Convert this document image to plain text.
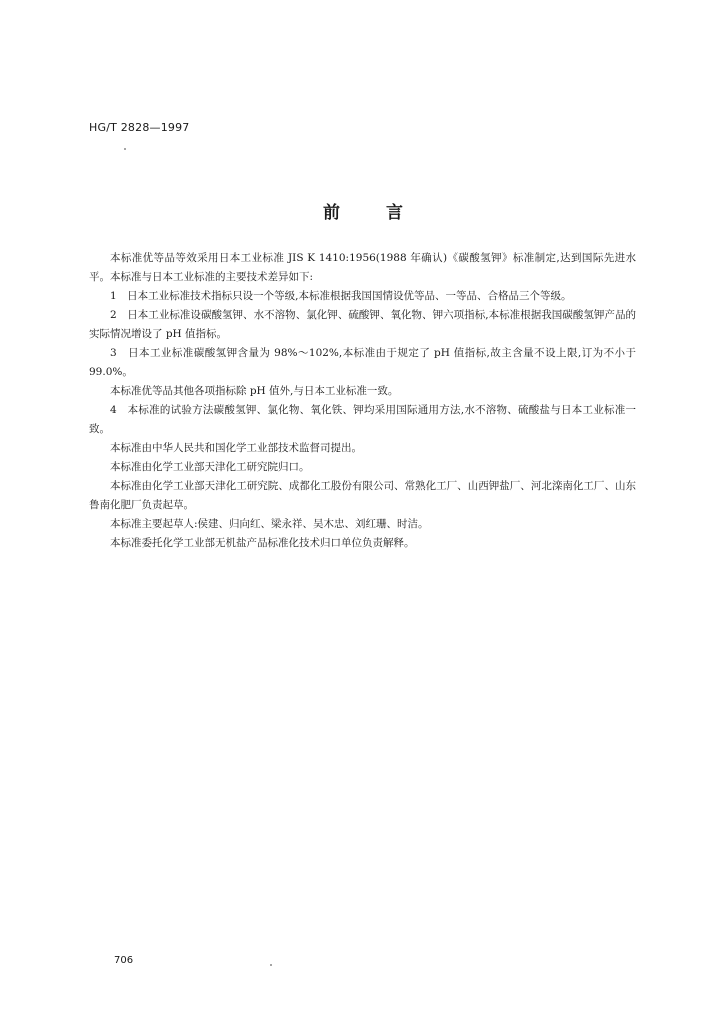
HG/T 2828—1997
前言

本标准优等品等效采用日本工业标准 JIS K 1410:1956(1988 年确认)《碳酸氢钾》标准制定,达到国际先进水平。本标准与日本工业标准的主要技术差异如下:

1　日本工业标准技术指标只设一个等级,本标准根据我国国情设优等品、一等品、合格品三个等级。

2　日本工业标准设碳酸氢钾、水不溶物、氯化钾、硫酸钾、氧化物、钾六项指标,本标准根据我国碳酸氢钾产品的实际情况增设了 pH 值指标。

3　日本工业标准碳酸氢钾含量为 98%～102%,本标准由于规定了 pH 值指标,故主含量不设上限,订为不小于 99.0%。

本标准优等品其他各项指标除 pH 值外,与日本工业标准一致。

4　本标准的试验方法碳酸氢钾、氯化物、氧化铁、钾均采用国际通用方法,水不溶物、硫酸盐与日本工业标准一致。

本标准由中华人民共和国化学工业部技术监督司提出。

本标准由化学工业部天津化工研究院归口。

本标准由化学工业部天津化工研究院、成都化工股份有限公司、常熟化工厂、山西钾盐厂、河北滦南化工厂、山东鲁南化肥厂负责起草。

本标准主要起草人:侯建、归向红、梁永祥、吴木忠、刘红珊、时洁。

本标准委托化学工业部无机盐产品标准化技术归口单位负责解释。

706
